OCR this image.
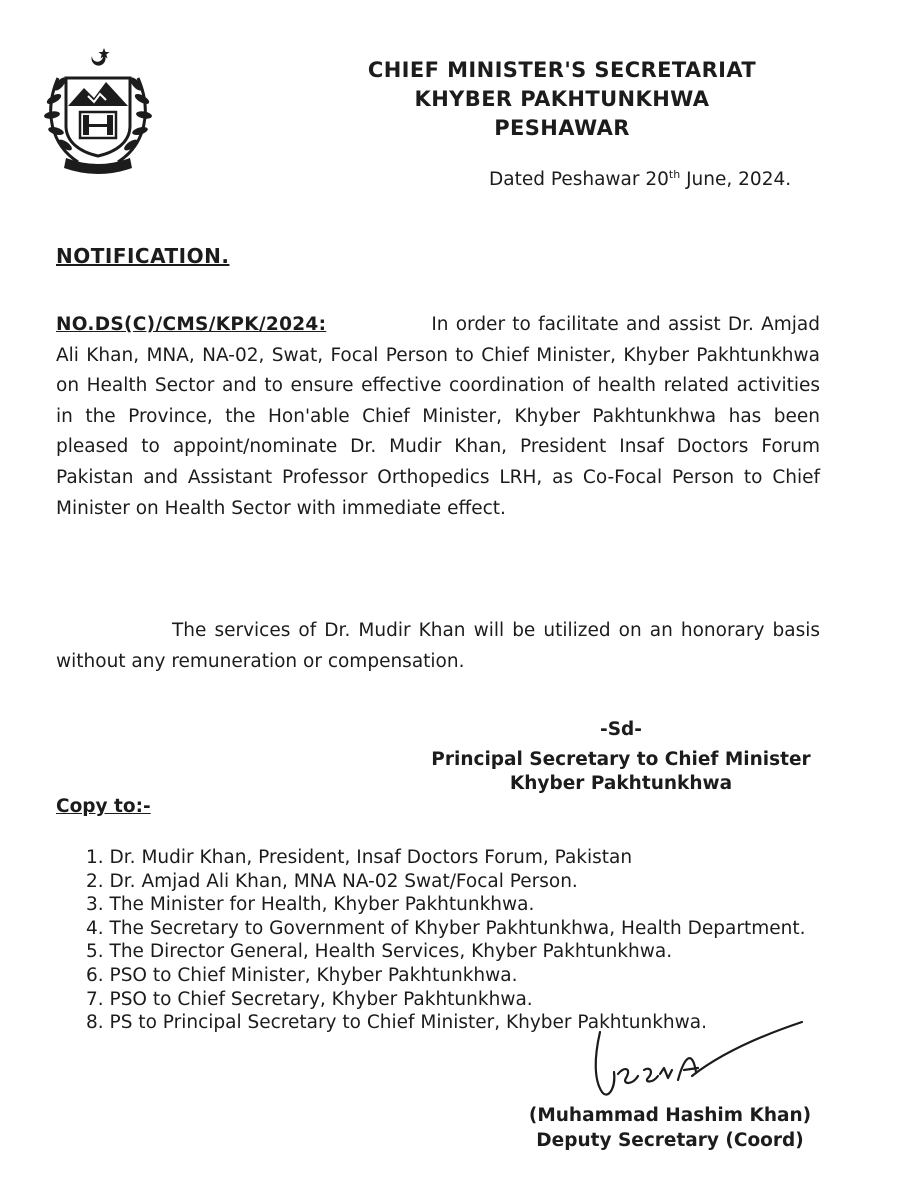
CHIEF MINISTER'S SECRETARIAT
KHYBER PAKHTUNKHWA
PESHAWAR
Dated Peshawar 20th June, 2024.
NOTIFICATION.
NO.DS(C)/CMS/KPK/2024:	In order to facilitate and assist Dr. Amjad Ali Khan, MNA, NA-02, Swat, Focal Person to Chief Minister, Khyber Pakhtunkhwa on Health Sector and to ensure effective coordination of health related activities in the Province, the Hon'able Chief Minister, Khyber Pakhtunkhwa has been pleased to appoint/nominate Dr. Mudir Khan, President Insaf Doctors Forum Pakistan and Assistant Professor Orthopedics LRH, as Co-Focal Person to Chief Minister on Health Sector with immediate effect.
The services of Dr. Mudir Khan will be utilized on an honorary basis without any remuneration or compensation.
-Sd-
Principal Secretary to Chief Minister
Khyber Pakhtunkhwa
Copy to:-
1. Dr. Mudir Khan, President, Insaf Doctors Forum, Pakistan
2. Dr. Amjad Ali Khan, MNA NA-02 Swat/Focal Person.
3. The Minister for Health, Khyber Pakhtunkhwa.
4. The Secretary to Government of Khyber Pakhtunkhwa, Health Department.
5. The Director General, Health Services, Khyber Pakhtunkhwa.
6. PSO to Chief Minister, Khyber Pakhtunkhwa.
7. PSO to Chief Secretary, Khyber Pakhtunkhwa.
8. PS to Principal Secretary to Chief Minister, Khyber Pakhtunkhwa.
(Muhammad Hashim Khan)
Deputy Secretary (Coord)
